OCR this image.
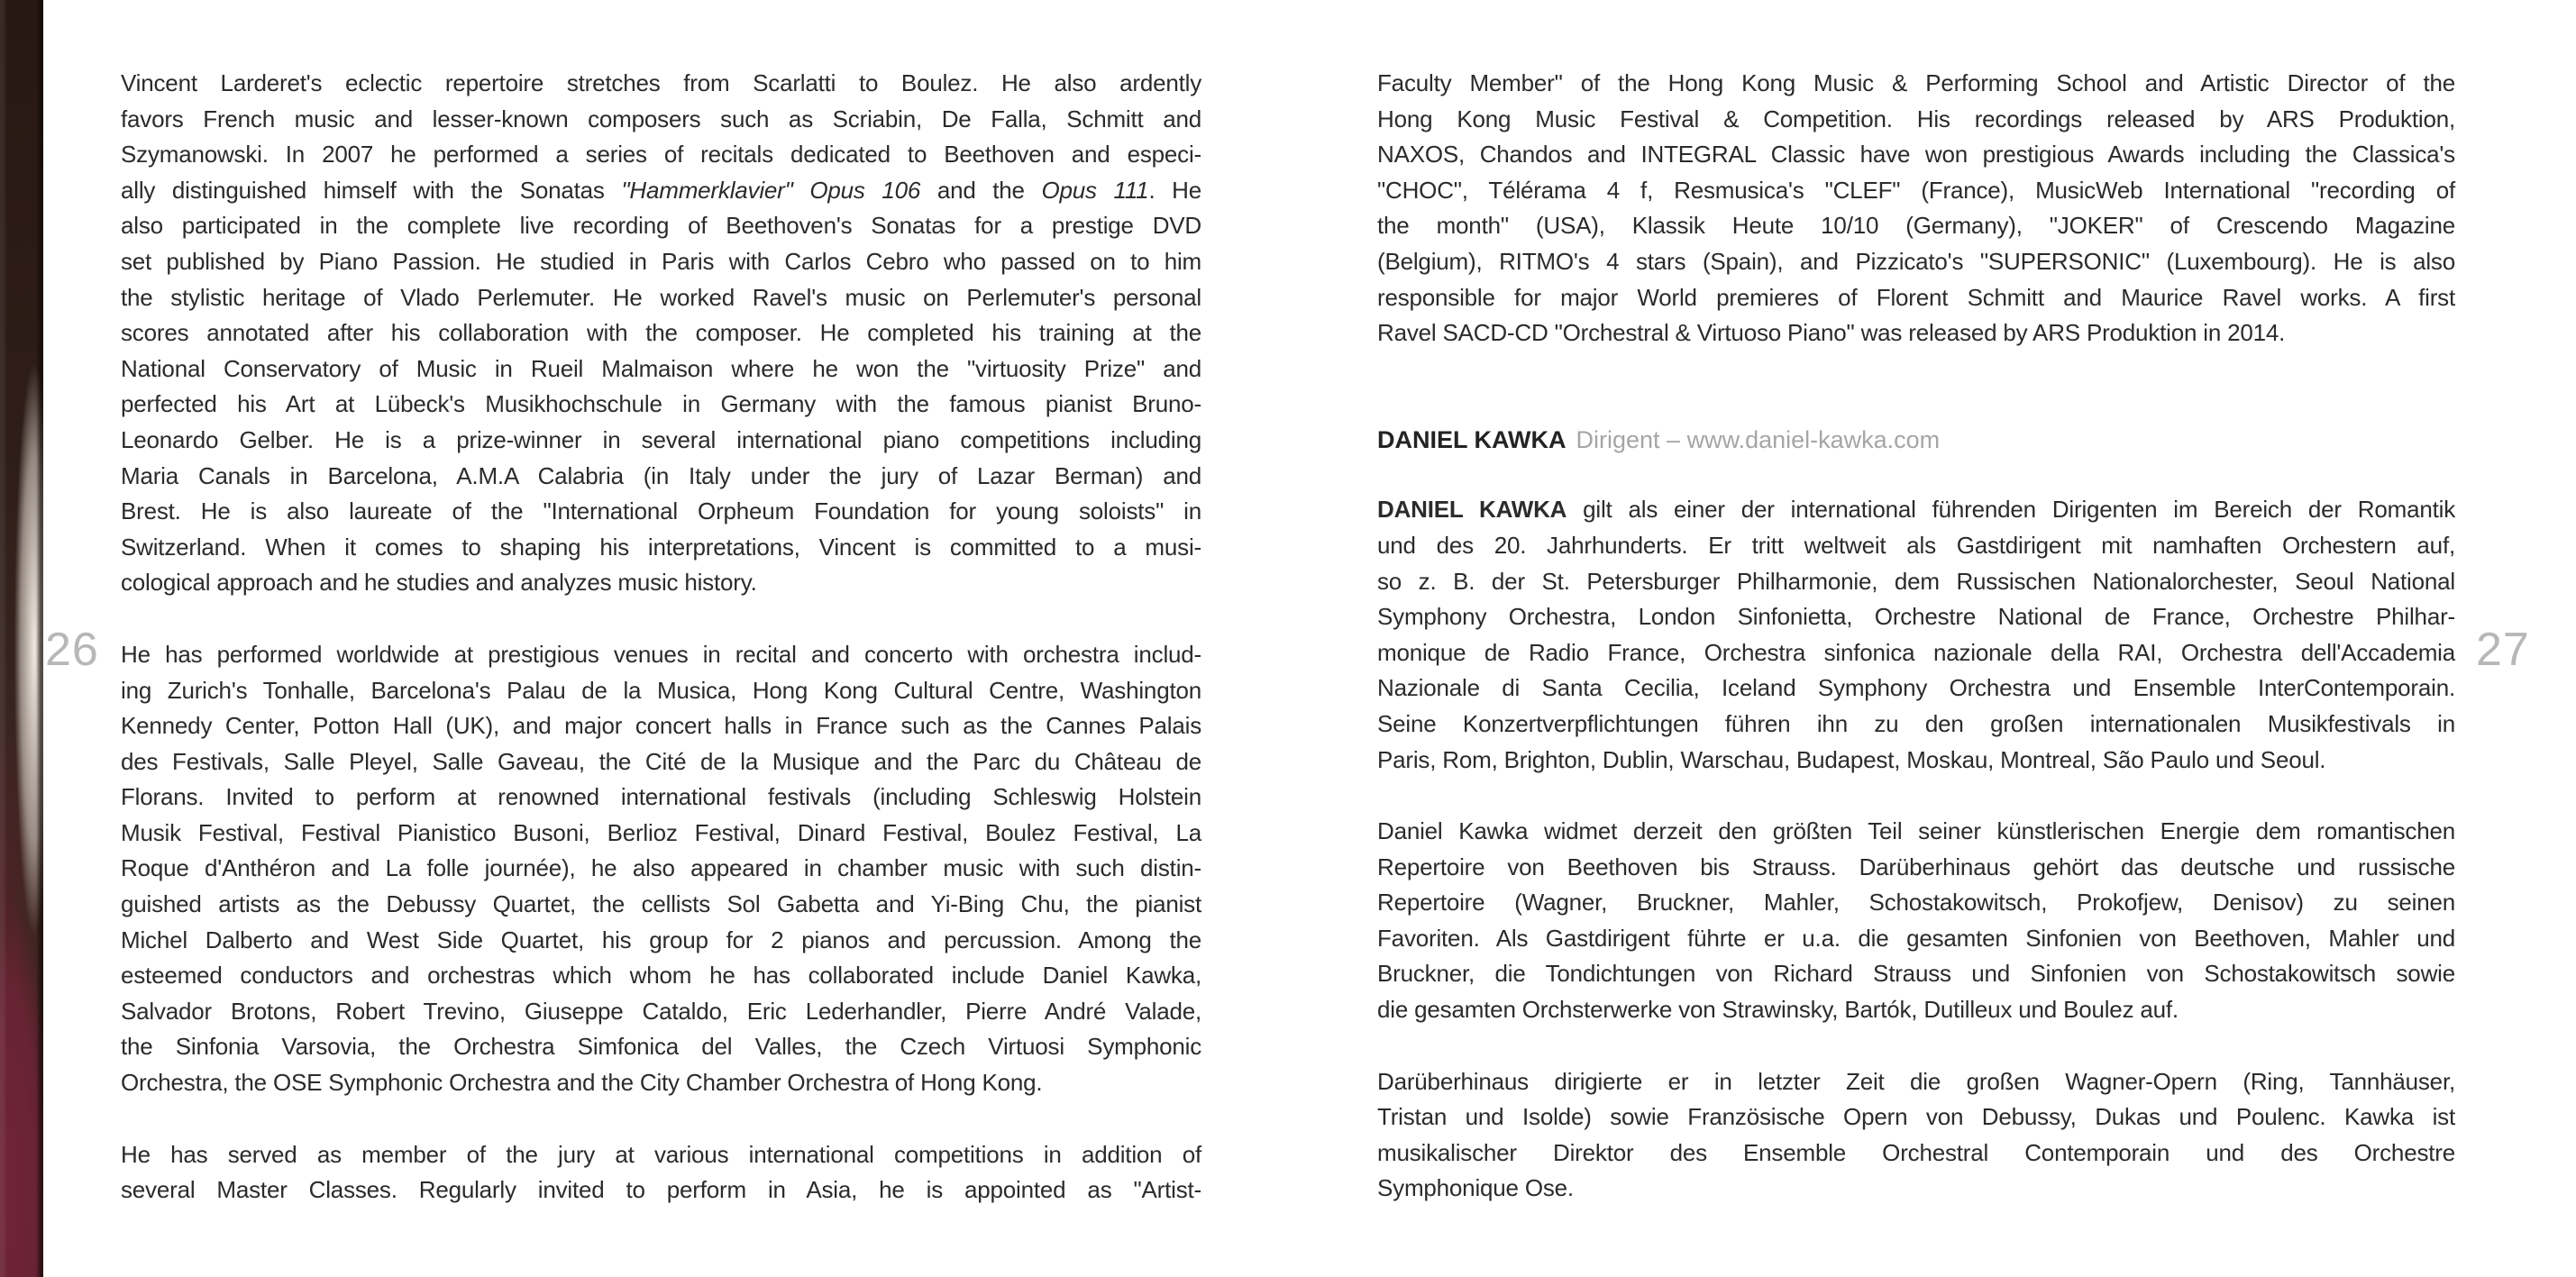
26	27
Vincent Larderet's eclectic repertoire stretches from Scarlatti to Boulez. He also ardently
favors French music and lesser-known composers such as Scriabin, De Falla, Schmitt and
Szymanowski. In 2007 he performed a series of recitals dedicated to Beethoven and especi-
ally distinguished himself with the Sonatas "Hammerklavier" Opus 106 and the Opus 111. He
also participated in the complete live recording of Beethoven's Sonatas for a prestige DVD
set published by Piano Passion. He studied in Paris with Carlos Cebro who passed on to him
the stylistic heritage of Vlado Perlemuter. He worked Ravel's music on Perlemuter's personal
scores annotated after his collaboration with the composer. He completed his training at the
National Conservatory of Music in Rueil Malmaison where he won the "virtuosity Prize" and
perfected his Art at Lübeck's Musikhochschule in Germany with the famous pianist Bruno-
Leonardo Gelber. He is a prize-winner in several international piano competitions including
Maria Canals in Barcelona, A.M.A Calabria (in Italy under the jury of Lazar Berman) and
Brest. He is also laureate of the "International Orpheum Foundation for young soloists" in
Switzerland. When it comes to shaping his interpretations, Vincent is committed to a musi-
cological approach and he studies and analyzes music history.
He has performed worldwide at prestigious venues in recital and concerto with orchestra includ-
ing Zurich's Tonhalle, Barcelona's Palau de la Musica, Hong Kong Cultural Centre, Washington
Kennedy Center, Potton Hall (UK), and major concert halls in France such as the Cannes Palais
des Festivals, Salle Pleyel, Salle Gaveau, the Cité de la Musique and the Parc du Château de
Florans. Invited to perform at renowned international festivals (including Schleswig Holstein
Musik Festival, Festival Pianistico Busoni, Berlioz Festival, Dinard Festival, Boulez Festival, La
Roque d'Anthéron and La folle journée), he also appeared in chamber music with such distin-
guished artists as the Debussy Quartet, the cellists Sol Gabetta and Yi-Bing Chu, the pianist
Michel Dalberto and West Side Quartet, his group for 2 pianos and percussion. Among the
esteemed conductors and orchestras which whom he has collaborated include Daniel Kawka,
Salvador Brotons, Robert Trevino, Giuseppe Cataldo, Eric Lederhandler, Pierre André Valade,
the Sinfonia Varsovia, the Orchestra Simfonica del Valles, the Czech Virtuosi Symphonic
Orchestra, the OSE Symphonic Orchestra and the City Chamber Orchestra of Hong Kong.
He has served as member of the jury at various international competitions in addition of
several Master Classes. Regularly invited to perform in Asia, he is appointed as "Artist-
Faculty Member" of the Hong Kong Music & Performing School and Artistic Director of the
Hong Kong Music Festival & Competition. His recordings released by ARS Produktion,
NAXOS, Chandos and INTEGRAL Classic have won prestigious Awards including the Classica's
"CHOC", Télérama 4 f, Resmusica's "CLEF" (France), MusicWeb International "recording of
the month" (USA), Klassik Heute 10/10 (Germany), "JOKER" of Crescendo Magazine
(Belgium), RITMO's 4 stars (Spain), and Pizzicato's "SUPERSONIC" (Luxembourg). He is also
responsible for major World premieres of Florent Schmitt and Maurice Ravel works. A first
Ravel SACD-CD "Orchestral & Virtuoso Piano" was released by ARS Produktion in 2014.
DANIEL KAWKA Dirigent – www.daniel-kawka.com
DANIEL KAWKA gilt als einer der international führenden Dirigenten im Bereich der Romantik
und des 20. Jahrhunderts. Er tritt weltweit als Gastdirigent mit namhaften Orchestern auf,
so z. B. der St. Petersburger Philharmonie, dem Russischen Nationalorchester, Seoul National
Symphony Orchestra, London Sinfonietta, Orchestre National de France, Orchestre Philhar-
monique de Radio France, Orchestra sinfonica nazionale della RAI, Orchestra dell'Accademia
Nazionale di Santa Cecilia, Iceland Symphony Orchestra und Ensemble InterContemporain.
Seine Konzertverpflichtungen führen ihn zu den großen internationalen Musikfestivals in
Paris, Rom, Brighton, Dublin, Warschau, Budapest, Moskau, Montreal, São Paulo und Seoul.
Daniel Kawka widmet derzeit den größten Teil seiner künstlerischen Energie dem romantischen
Repertoire von Beethoven bis Strauss. Darüberhinaus gehört das deutsche und russische
Repertoire (Wagner, Bruckner, Mahler, Schostakowitsch, Prokofjew, Denisov) zu seinen
Favoriten. Als Gastdirigent führte er u.a. die gesamten Sinfonien von Beethoven, Mahler und
Bruckner, die Tondichtungen von Richard Strauss und Sinfonien von Schostakowitsch sowie
die gesamten Orchsterwerke von Strawinsky, Bartók, Dutilleux und Boulez auf.
Darüberhinaus dirigierte er in letzter Zeit die großen Wagner-Opern (Ring, Tannhäuser,
Tristan und Isolde) sowie Französische Opern von Debussy, Dukas und Poulenc. Kawka ist
musikalischer Direktor des Ensemble Orchestral Contemporain und des Orchestre
Symphonique Ose.
